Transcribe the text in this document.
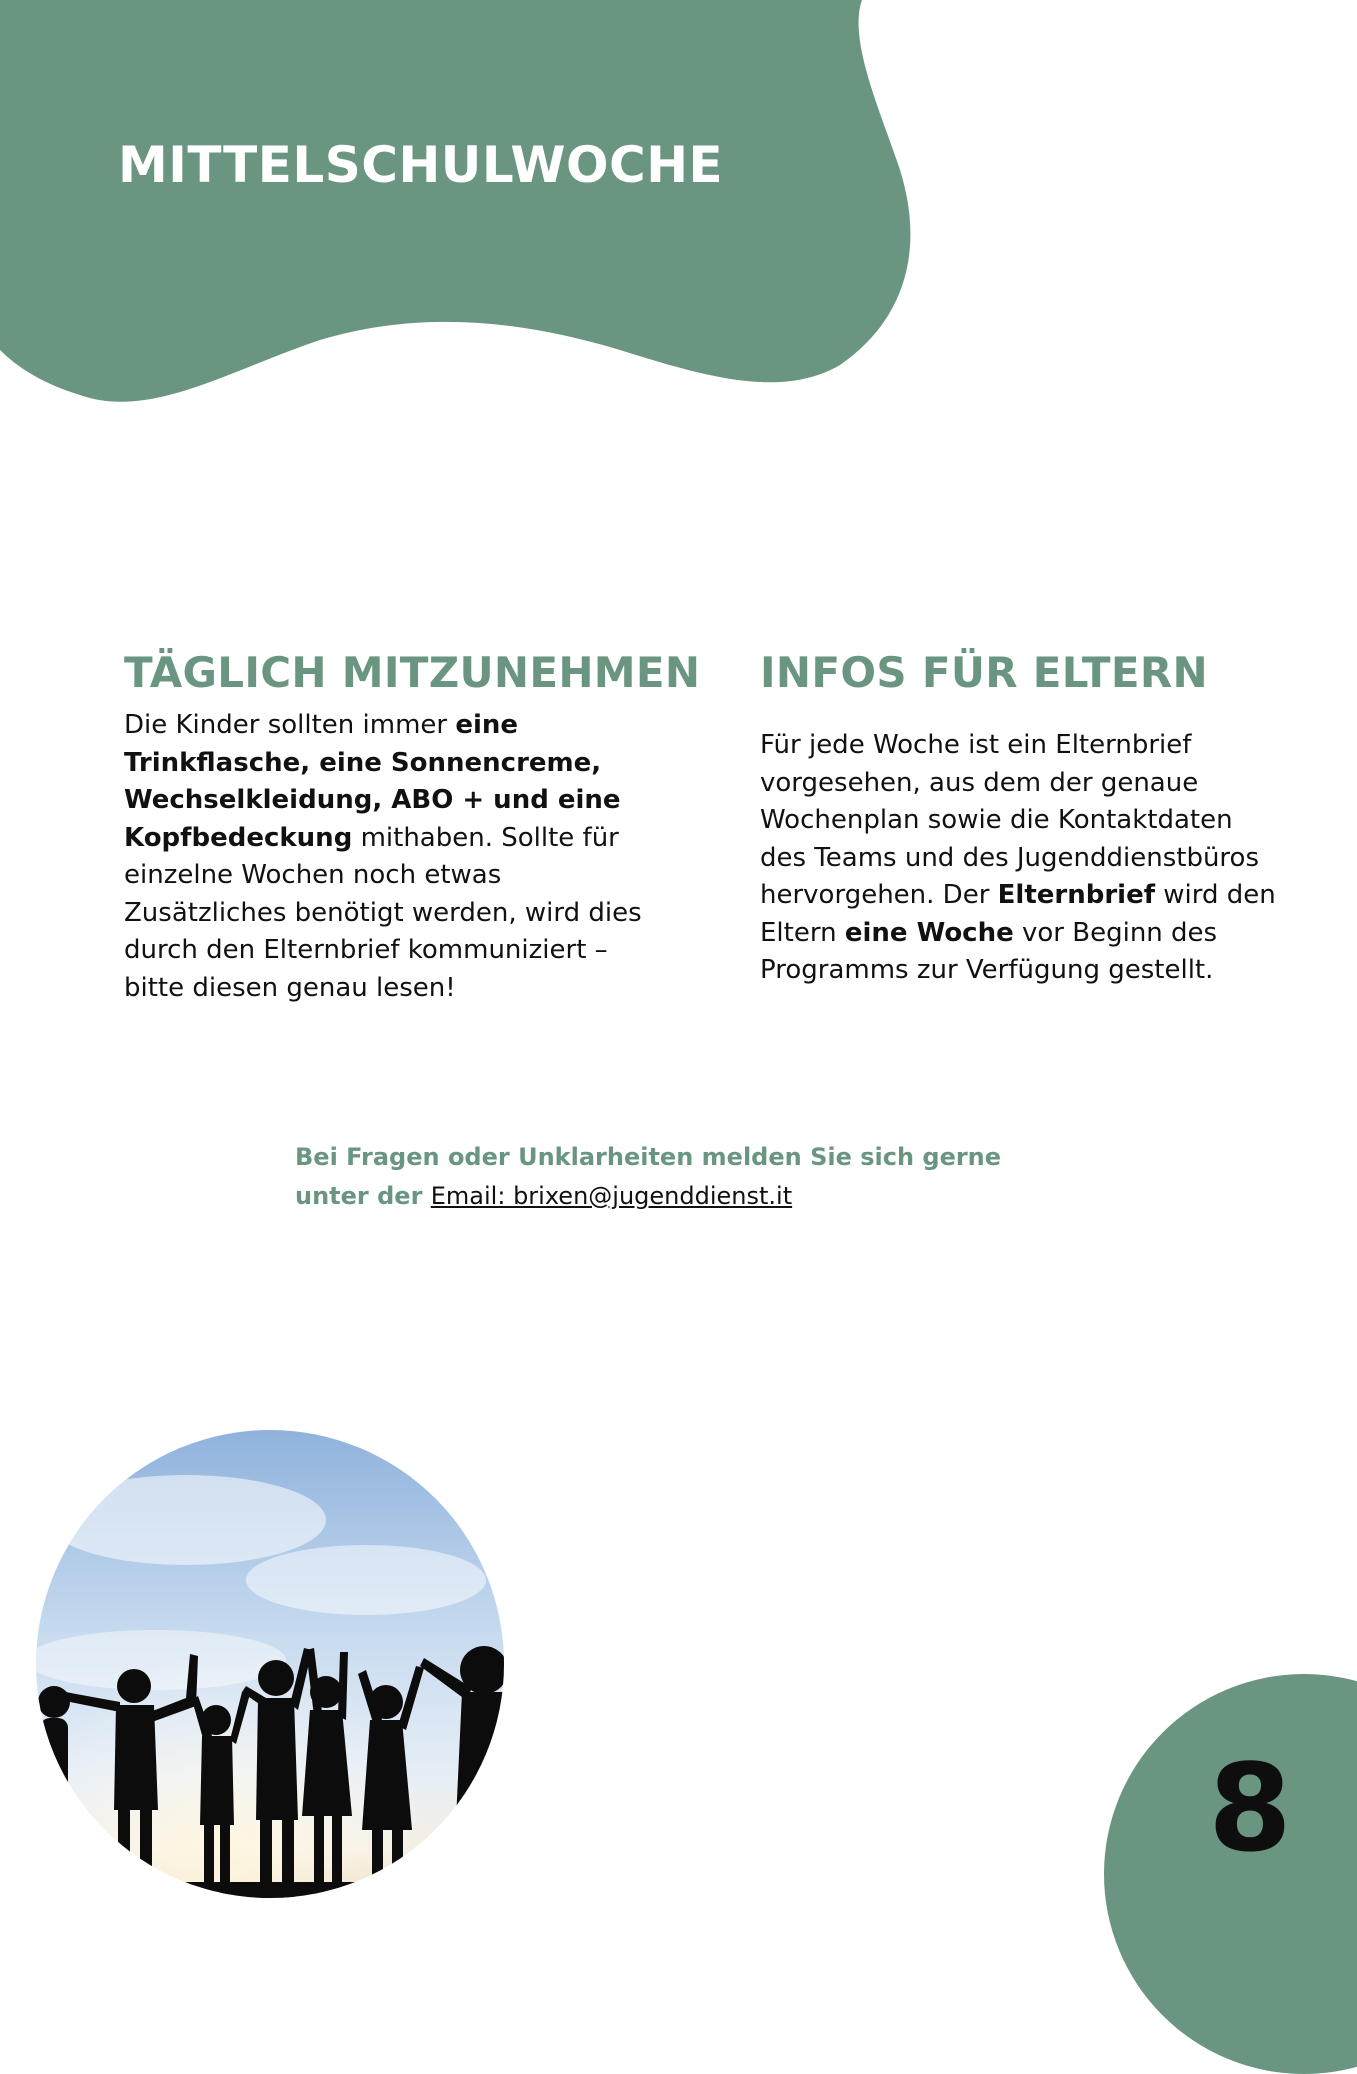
MITTELSCHULWOCHE
TÄGLICH MITZUNEHMEN

Die Kinder sollten immer eine Trinkflasche, eine Sonnencreme, Wechselkleidung, ABO + und eine Kopfbedeckung mithaben. Sollte für einzelne Wochen noch etwas Zusätzliches benötigt werden, wird dies durch den Elternbrief kommuniziert – bitte diesen genau lesen!

INFOS FÜR ELTERN

Für jede Woche ist ein Elternbrief vorgesehen, aus dem der genaue Wochenplan sowie die Kontaktdaten des Teams und des Jugenddienstbüros hervorgehen. Der Elternbrief wird den Eltern eine Woche vor Beginn des Programms zur Verfügung gestellt.

Bei Fragen oder Unklarheiten melden Sie sich gerne
unter der Email: brixen@jugenddienst.it
8
